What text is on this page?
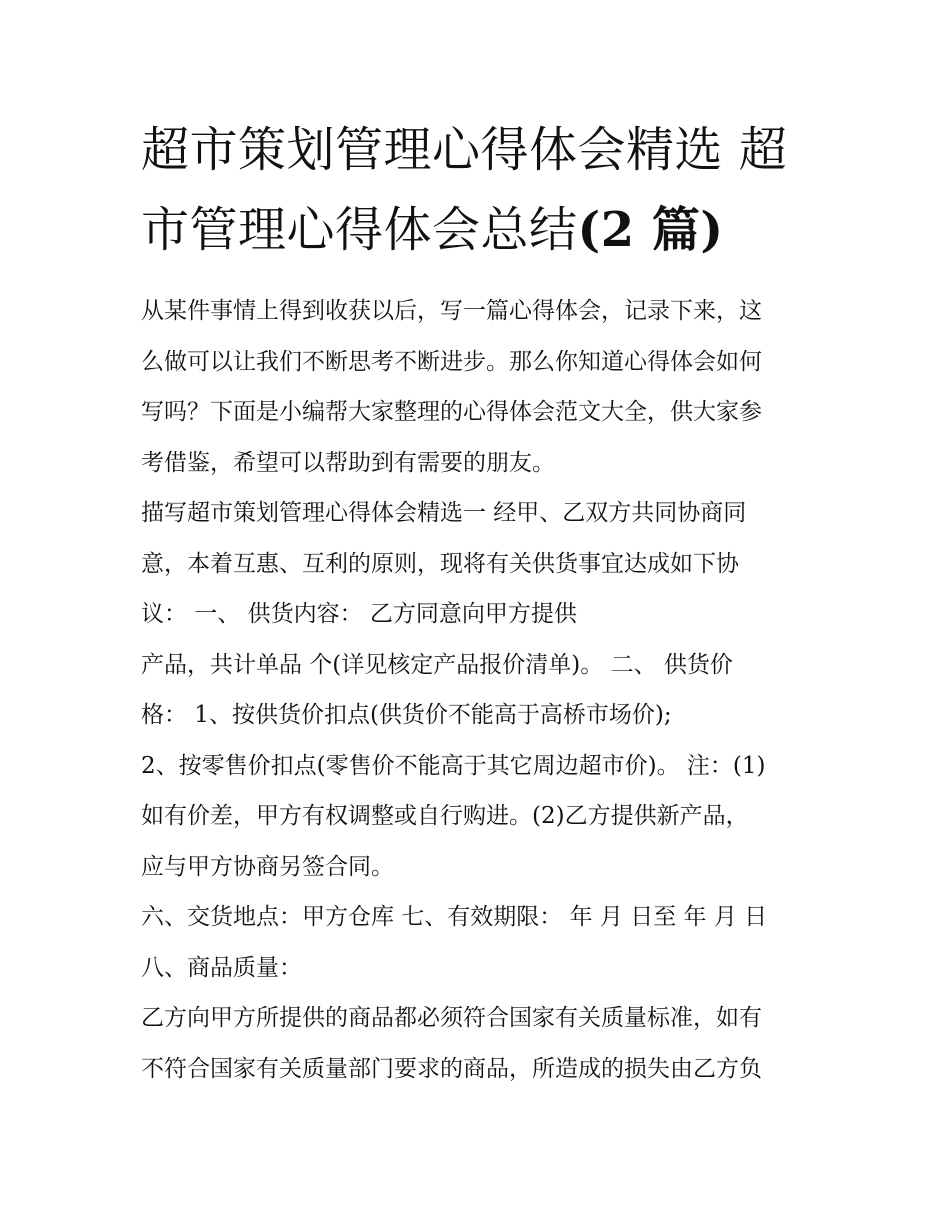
超市策划管理心得体会精选 超
市管理心得体会总结(2 篇)

从某件事情上得到收获以后，写一篇心得体会，记录下来，这

么做可以让我们不断思考不断进步。那么你知道心得体会如何

写吗？下面是小编帮大家整理的心得体会范文大全，供大家参

考借鉴，希望可以帮助到有需要的朋友。

描写超市策划管理心得体会精选一 经甲、乙双方共同协商同

意，本着互惠、互利的原则，现将有关供货事宜达成如下协

议： 一、 供货内容： 乙方同意向甲方提供

产品，共计单品 个(详见核定产品报价清单)。 二、 供货价

格： 1、按供货价扣点(供货价不能高于高桥市场价);

2、按零售价扣点(零售价不能高于其它周边超市价)。 注：(1)

如有价差，甲方有权调整或自行购进。(2)乙方提供新产品，

应与甲方协商另签合同。

六、交货地点：甲方仓库 七、有效期限： 年 月 日至 年 月 日

八、商品质量：

乙方向甲方所提供的商品都必须符合国家有关质量标准，如有

不符合国家有关质量部门要求的商品，所造成的损失由乙方负
